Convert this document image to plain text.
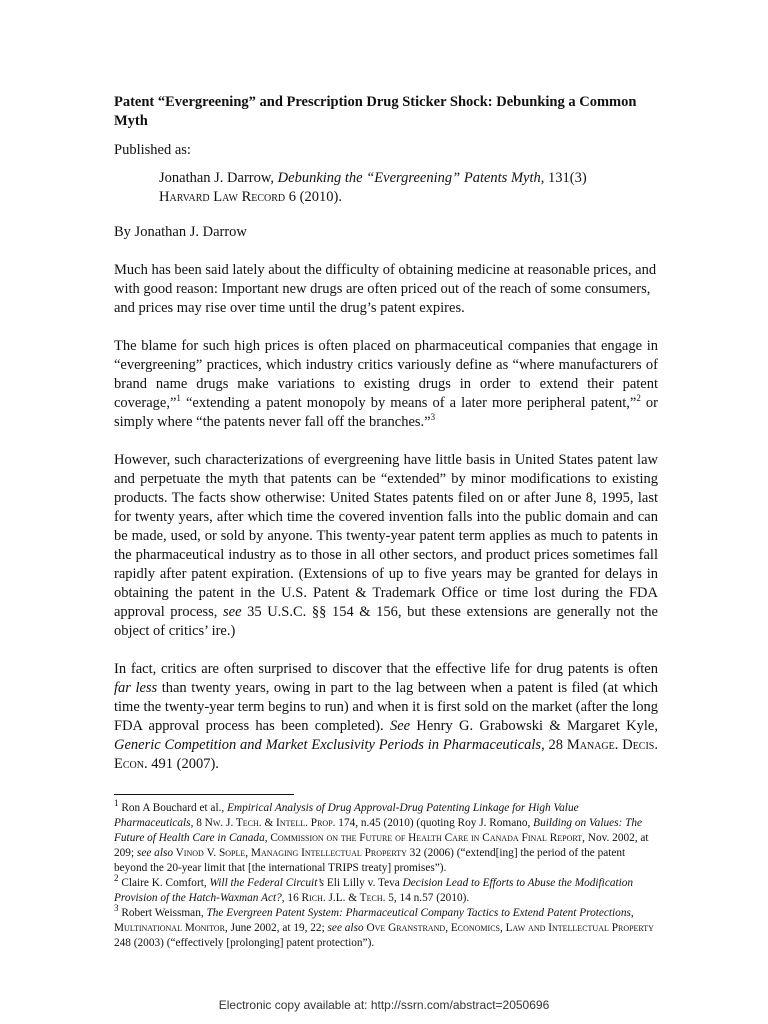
Patent “Evergreening” and Prescription Drug Sticker Shock: Debunking a Common Myth

Published as:

Jonathan J. Darrow, Debunking the “Evergreening” Patents Myth, 131(3)
Harvard Law Record 6 (2010).

By Jonathan J. Darrow

Much has been said lately about the difficulty of obtaining medicine at reasonable prices, and with good reason: Important new drugs are often priced out of the reach of some consumers, and prices may rise over time until the drug’s patent expires.

The blame for such high prices is often placed on pharmaceutical companies that engage in “evergreening” practices, which industry critics variously define as “where manufacturers of brand name drugs make variations to existing drugs in order to extend their patent coverage,”$^1$ “extending a patent monopoly by means of a later more peripheral patent,”$^2$ or simply where “the patents never fall off the branches.”$^3$

However, such characterizations of evergreening have little basis in United States patent law and perpetuate the myth that patents can be “extended” by minor modifications to existing products. The facts show otherwise: United States patents filed on or after June 8, 1995, last for twenty years, after which time the covered invention falls into the public domain and can be made, used, or sold by anyone. This twenty-year patent term applies as much to patents in the pharmaceutical industry as to those in all other sectors, and product prices sometimes fall rapidly after patent expiration. (Extensions of up to five years may be granted for delays in obtaining the patent in the U.S. Patent & Trademark Office or time lost during the FDA approval process, see 35 U.S.C. §§ 154 & 156, but these extensions are generally not the object of critics’ ire.)

In fact, critics are often surprised to discover that the effective life for drug patents is often far less than twenty years, owing in part to the lag between when a patent is filed (at which time the twenty-year term begins to run) and when it is first sold on the market (after the long FDA approval process has been completed). See Henry G. Grabowski & Margaret Kyle, Generic Competition and Market Exclusivity Periods in Pharmaceuticals, 28 Manage. Decis. Econ. 491 (2007).

$^1$ Ron A Bouchard et al., Empirical Analysis of Drug Approval-Drug Patenting Linkage for High Value Pharmaceuticals, 8 Nw. J. Tech. & Intell. Prop. 174, n.45 (2010) (quoting Roy J. Romano, Building on Values: The Future of Health Care in Canada, Commission on the Future of Health Care in Canada Final Report, Nov. 2002, at 209; see also Vinod V. Sople, Managing Intellectual Property 32 (2006) (“extend[ing] the period of the patent beyond the 20-year limit that [the international TRIPS treaty] promises”).

$^2$ Claire K. Comfort, Will the Federal Circuit’s Eli Lilly v. Teva Decision Lead to Efforts to Abuse the Modification Provision of the Hatch-Waxman Act?, 16 Rich. J.L. & Tech. 5, 14 n.57 (2010).

$^3$ Robert Weissman, The Evergreen Patent System: Pharmaceutical Company Tactics to Extend Patent Protections, Multinational Monitor, June 2002, at 19, 22; see also Ove Granstrand, Economics, Law and Intellectual Property 248 (2003) (“effectively [prolonging] patent protection”).

Electronic copy available at: http://ssrn.com/abstract=2050696
